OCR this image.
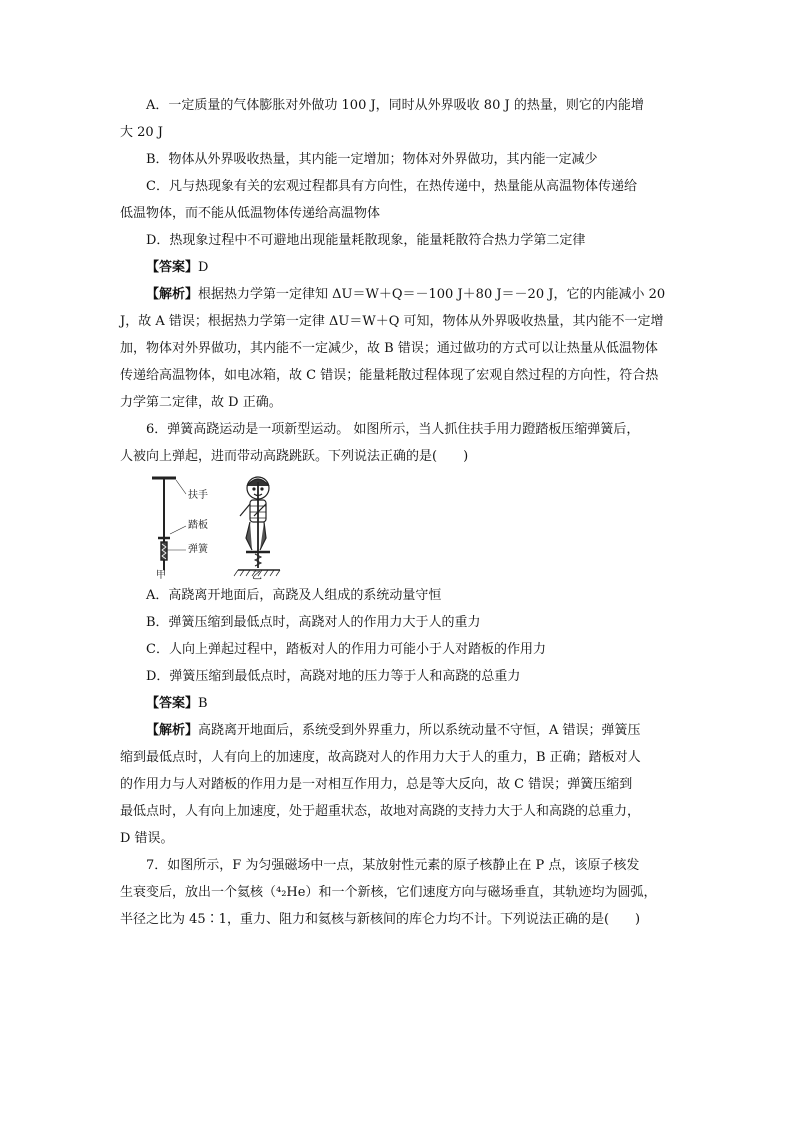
A．一定质量的气体膨胀对外做功 100 J，同时从外界吸收 80 J 的热量，则它的内能增

大 20 J

B．物体从外界吸收热量，其内能一定增加；物体对外界做功，其内能一定减少

C．凡与热现象有关的宏观过程都具有方向性，在热传递中，热量能从高温物体传递给

低温物体，而不能从低温物体传递给高温物体

D．热现象过程中不可避地出现能量耗散现象，能量耗散符合热力学第二定律

【答案】D

【解析】根据热力学第一定律知 ΔU＝W＋Q＝－100 J＋80 J＝－20 J，它的内能减小 20

J，故 A 错误；根据热力学第一定律 ΔU＝W＋Q 可知，物体从外界吸收热量，其内能不一定增

加，物体对外界做功，其内能不一定减少，故 B 错误；通过做功的方式可以让热量从低温物体

传递给高温物体，如电冰箱，故 C 错误；能量耗散过程体现了宏观自然过程的方向性，符合热

力学第二定律，故 D 正确。

6．弹簧高跷运动是一项新型运动。 如图所示，当人抓住扶手用力蹬踏板压缩弹簧后，

人被向上弹起，进而带动高跷跳跃。下列说法正确的是(　　)

扶手
踏板
弹簧
甲	乙

A．高跷离开地面后，高跷及人组成的系统动量守恒

B．弹簧压缩到最低点时，高跷对人的作用力大于人的重力

C．人向上弹起过程中，踏板对人的作用力可能小于人对踏板的作用力

D．弹簧压缩到最低点时，高跷对地的压力等于人和高跷的总重力

【答案】B

【解析】高跷离开地面后，系统受到外界重力，所以系统动量不守恒，A 错误；弹簧压

缩到最低点时，人有向上的加速度，故高跷对人的作用力大于人的重力，B 正确；踏板对人

的作用力与人对踏板的作用力是一对相互作用力，总是等大反向，故 C 错误；弹簧压缩到

最低点时，人有向上加速度，处于超重状态，故地对高跷的支持力大于人和高跷的总重力，

D 错误。

7．如图所示，F 为匀强磁场中一点，某放射性元素的原子核静止在 P 点，该原子核发

生衰变后，放出一个氦核（⁴₂He）和一个新核，它们速度方向与磁场垂直，其轨迹均为圆弧，

半径之比为 45∶1，重力、阻力和氦核与新核间的库仑力均不计。下列说法正确的是(　　)
